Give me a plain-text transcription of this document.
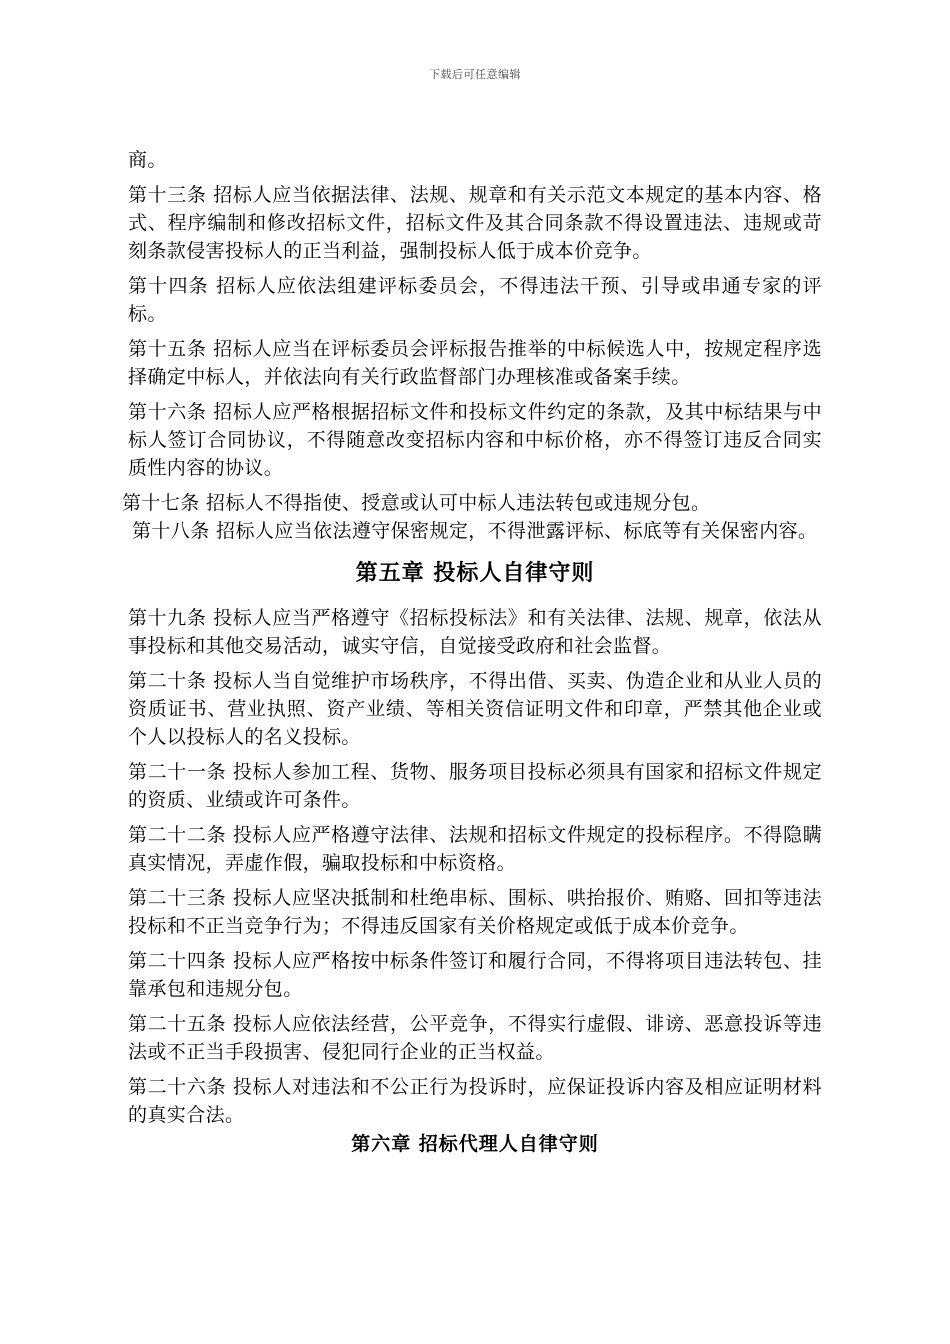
下载后可任意编辑

商。

第十三条 招标人应当依据法律、法规、规章和有关示范文本规定的基本内容、格式、程序编制和修改招标文件，招标文件及其合同条款不得设置违法、违规或苛刻条款侵害投标人的正当利益，强制投标人低于成本价竞争。

第十四条 招标人应依法组建评标委员会，不得违法干预、引导或串通专家的评标。

第十五条 招标人应当在评标委员会评标报告推举的中标候选人中，按规定程序选择确定中标人，并依法向有关行政监督部门办理核准或备案手续。

第十六条 招标人应严格根据招标文件和投标文件约定的条款，及其中标结果与中标人签订合同协议，不得随意改变招标内容和中标价格，亦不得签订违反合同实质性内容的协议。

第十七条 招标人不得指使、授意或认可中标人违法转包或违规分包。

第十八条 招标人应当依法遵守保密规定，不得泄露评标、标底等有关保密内容。

第五章 投标人自律守则

第十九条 投标人应当严格遵守《招标投标法》和有关法律、法规、规章，依法从事投标和其他交易活动，诚实守信，自觉接受政府和社会监督。

第二十条 投标人当自觉维护市场秩序，不得出借、买卖、伪造企业和从业人员的资质证书、营业执照、资产业绩、等相关资信证明文件和印章，严禁其他企业或个人以投标人的名义投标。

第二十一条 投标人参加工程、货物、服务项目投标必须具有国家和招标文件规定的资质、业绩或许可条件。

第二十二条 投标人应严格遵守法律、法规和招标文件规定的投标程序。不得隐瞒真实情况，弄虚作假，骗取投标和中标资格。

第二十三条 投标人应坚决抵制和杜绝串标、围标、哄抬报价、贿赂、回扣等违法投标和不正当竞争行为；不得违反国家有关价格规定或低于成本价竞争。

第二十四条 投标人应严格按中标条件签订和履行合同，不得将项目违法转包、挂靠承包和违规分包。

第二十五条 投标人应依法经营，公平竞争，不得实行虚假、诽谤、恶意投诉等违法或不正当手段损害、侵犯同行企业的正当权益。

第二十六条 投标人对违法和不公正行为投诉时，应保证投诉内容及相应证明材料的真实合法。

第六章 招标代理人自律守则
